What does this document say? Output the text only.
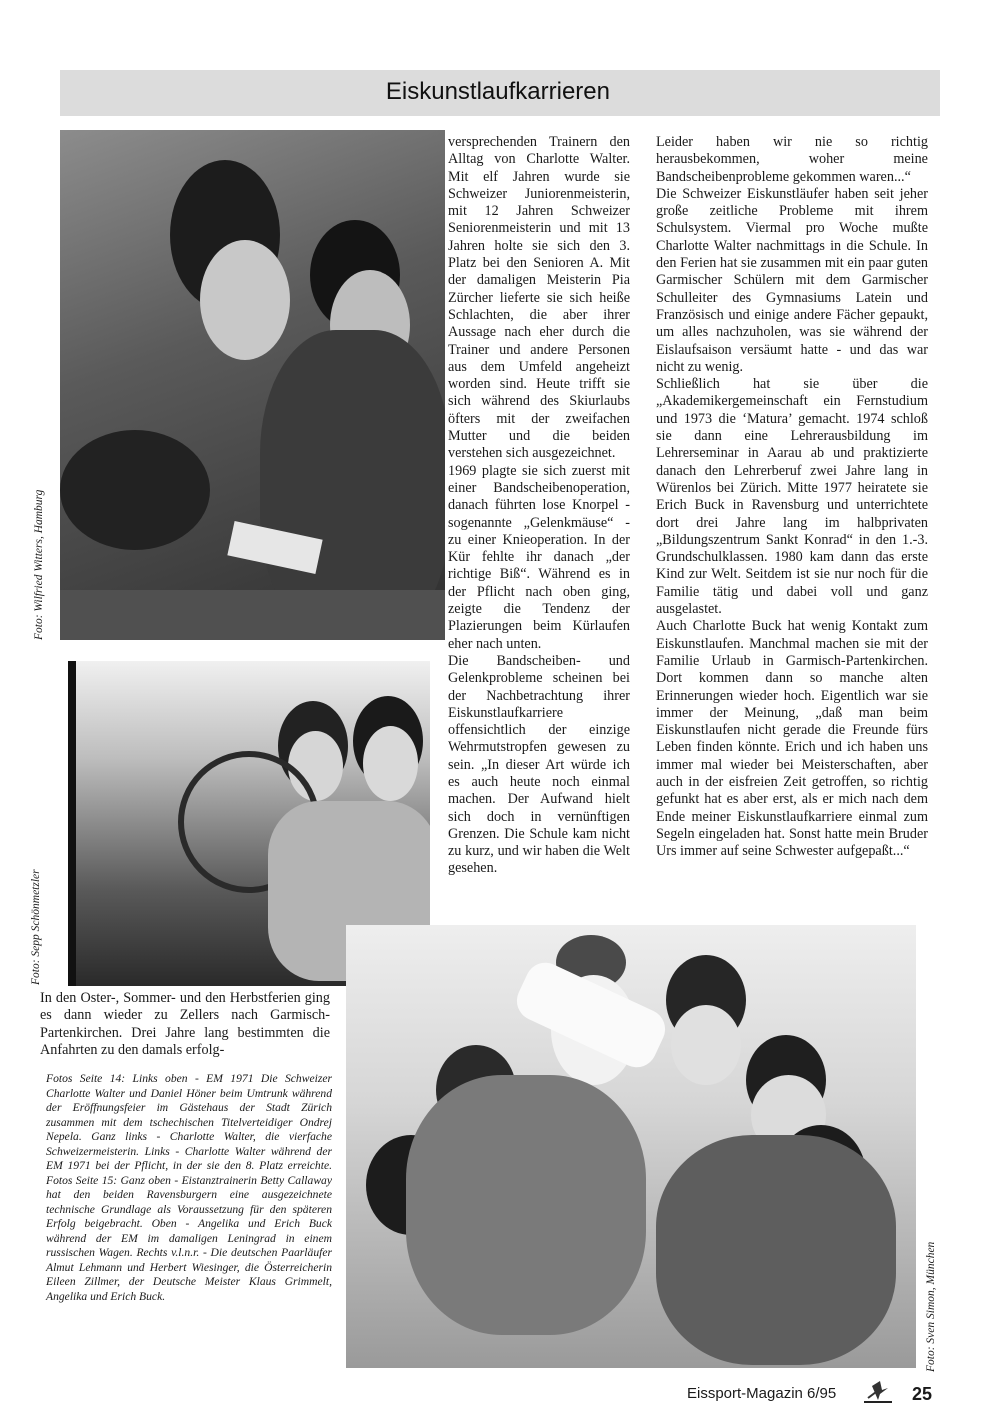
Eiskunstlaufkarrieren
Foto: Wilfried Witters, Hamburg
Foto: Sepp Schönmetzler
Foto: Sven Simon, München

versprechenden Trainern den Alltag von Charlotte Walter. Mit elf Jahren wurde sie Schweizer Juniorenmeisterin, mit 12 Jahren Schweizer Seniorenmeisterin und mit 13 Jahren holte sie sich den 3. Platz bei den Senioren A. Mit der damaligen Meisterin Pia Zürcher lieferte sie sich heiße Schlachten, die aber ihrer Aussage nach eher durch die Trainer und andere Personen aus dem Umfeld angeheizt worden sind. Heute trifft sie sich während des Skiurlaubs öfters mit der zweifachen Mutter und die beiden verstehen sich ausgezeichnet.

1969 plagte sie sich zuerst mit einer Bandscheibenoperation, danach führten lose Knorpel - sogenannte „Gelenkmäuse“ - zu einer Knieoperation. In der Kür fehlte ihr danach „der richtige Biß“. Während es in der Pflicht nach oben ging, zeigte die Tendenz der Plazierungen beim Kürlaufen eher nach unten.

Die Bandscheiben- und Gelenkprobleme scheinen bei der Nachbetrachtung ihrer Eiskunstlaufkarriere offensichtlich der einzige Wehrmutstropfen gewesen zu sein. „In dieser Art würde ich es auch heute noch einmal machen. Der Aufwand hielt sich doch in vernünftigen Grenzen. Die Schule kam nicht zu kurz, und wir haben die Welt gesehen.

Leider haben wir nie so richtig herausbekommen, woher meine Bandscheibenprobleme gekommen waren...“

Die Schweizer Eiskunstläufer haben seit jeher große zeitliche Probleme mit ihrem Schulsystem. Viermal pro Woche mußte Charlotte Walter nachmittags in die Schule. In den Ferien hat sie zusammen mit ein paar guten Garmischer Schülern mit dem Garmischer Schulleiter des Gymnasiums Latein und Französisch und einige andere Fächer gepaukt, um alles nachzuholen, was sie während der Eislaufsaison versäumt hatte - und das war nicht zu wenig.

Schließlich hat sie über die „Akademikergemeinschaft ein Fernstudium und 1973 die ‘Matura’ gemacht. 1974 schloß sie dann eine Lehrerausbildung im Lehrerseminar in Aarau ab und praktizierte danach den Lehrerberuf zwei Jahre lang in Würenlos bei Zürich. Mitte 1977 heiratete sie Erich Buck in Ravensburg und unterrichtete dort drei Jahre lang im halbprivaten „Bildungszentrum Sankt Konrad“ in den 1.-3. Grundschulklassen. 1980 kam dann das erste Kind zur Welt. Seitdem ist sie nur noch für die Familie tätig und dabei voll und ganz ausgelastet.

Auch Charlotte Buck hat wenig Kontakt zum Eiskunstlaufen. Manchmal machen sie mit der Familie Urlaub in Garmisch-Partenkirchen. Dort kommen dann so manche alten Erinnerungen wieder hoch. Eigentlich war sie immer der Meinung, „daß man beim Eiskunstlaufen nicht gerade die Freunde fürs Leben finden könnte. Erich und ich haben uns immer mal wieder bei Meisterschaften, aber auch in der eisfreien Zeit getroffen, so richtig gefunkt hat es aber erst, als er mich nach dem Ende meiner Eiskunstlaufkarriere einmal zum Segeln eingeladen hat. Sonst hatte mein Bruder Urs immer auf seine Schwester aufgepaßt...“

In den Oster-, Sommer- und den Herbstferien ging es dann wieder zu Zellers nach Garmisch-Partenkirchen. Drei Jahre lang bestimmten die Anfahrten zu den damals erfolg-

Fotos Seite 14: Links oben - EM 1971 Die Schweizer Charlotte Walter und Daniel Höner beim Umtrunk während der Eröffnungsfeier im Gästehaus der Stadt Zürich zusammen mit dem tschechischen Titelverteidiger Ondrej Nepela. Ganz links - Charlotte Walter, die vierfache Schweizermeisterin. Links - Charlotte Walter während der EM 1971 bei der Pflicht, in der sie den 8. Platz erreichte. Fotos Seite 15: Ganz oben - Eistanztrainerin Betty Callaway hat den beiden Ravensburgern eine ausgezeichnete technische Grundlage als Voraussetzung für den späteren Erfolg beigebracht. Oben - Angelika und Erich Buck während der EM im damaligen Leningrad in einem russischen Wagen. Rechts v.l.n.r. - Die deutschen Paarläufer Almut Lehmann und Herbert Wiesinger, die Österreicherin Eileen Zillmer, der Deutsche Meister Klaus Grimmelt, Angelika und Erich Buck.
Eissport-Magazin 6/95	25
